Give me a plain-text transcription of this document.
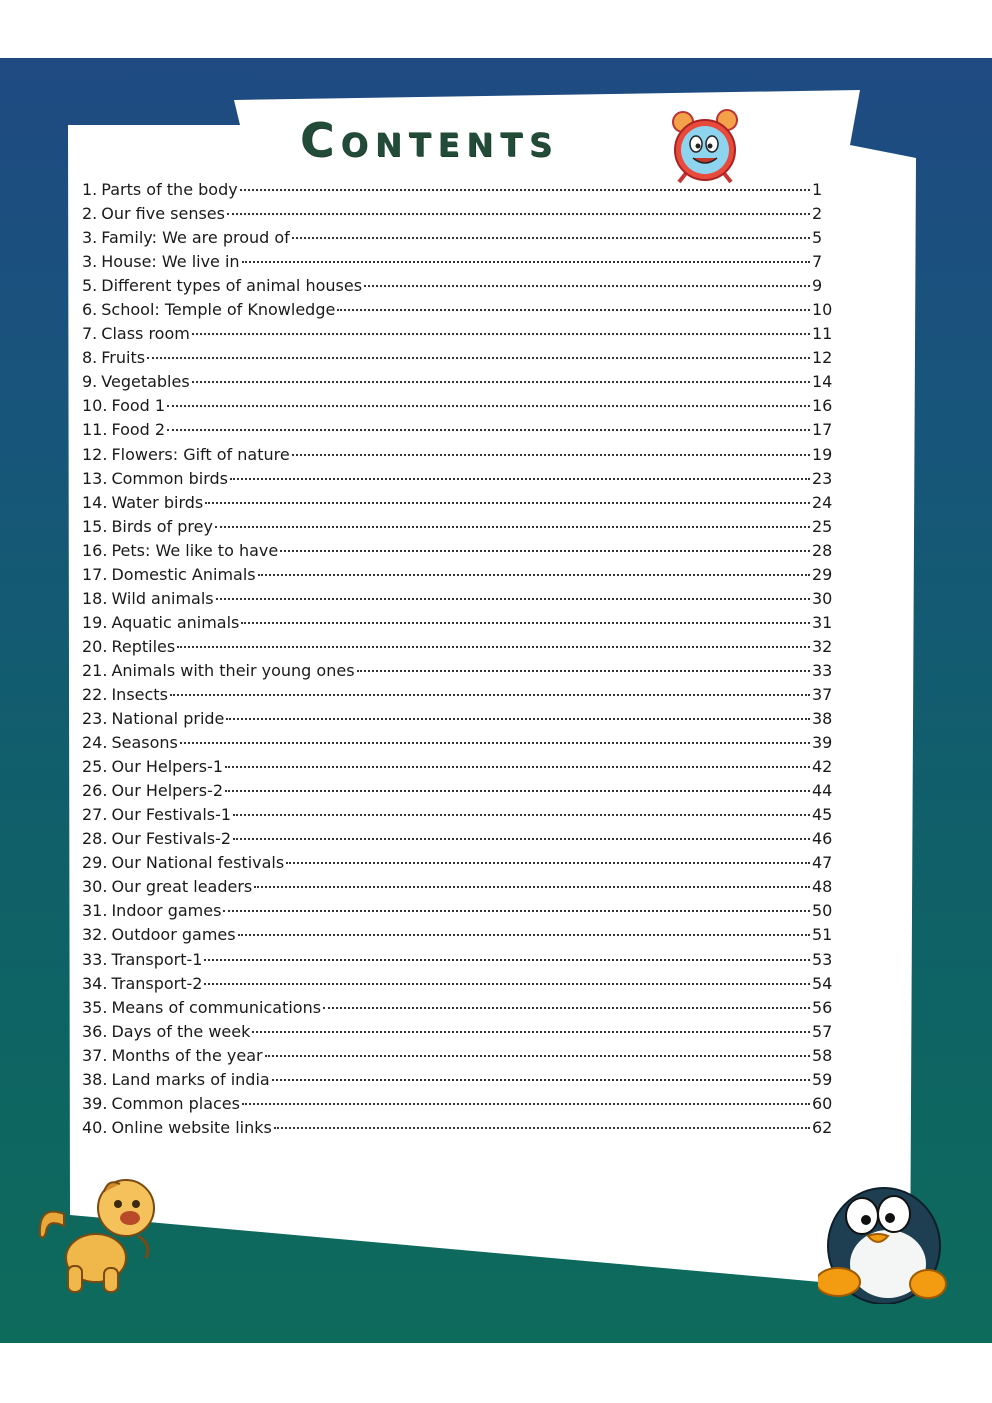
Contents
1. Parts of the body	1
2. Our five senses	2
3. Family: We are proud of	5
3. House: We live in	7
5. Different types of animal houses	9
6. School: Temple of Knowledge	10
7. Class room	11
8. Fruits	12
9. Vegetables	14
10. Food 1	16
11. Food 2	17
12. Flowers: Gift of nature	19
13. Common birds	23
14. Water birds	24
15. Birds of prey	25
16. Pets: We like to have	28
17. Domestic Animals	29
18. Wild animals	30
19. Aquatic animals	31
20. Reptiles	32
21. Animals with their young ones	33
22. Insects	37
23. National pride	38
24. Seasons	39
25. Our Helpers-1	42
26. Our Helpers-2	44
27. Our Festivals-1	45
28. Our Festivals-2	46
29. Our National festivals	47
30. Our great leaders	48
31. Indoor games	50
32. Outdoor games	51
33. Transport-1	53
34. Transport-2	54
35. Means of communications	56
36. Days of the week	57
37. Months of the year	58
38. Land marks of india	59
39. Common places	60
40. Online website links	62
